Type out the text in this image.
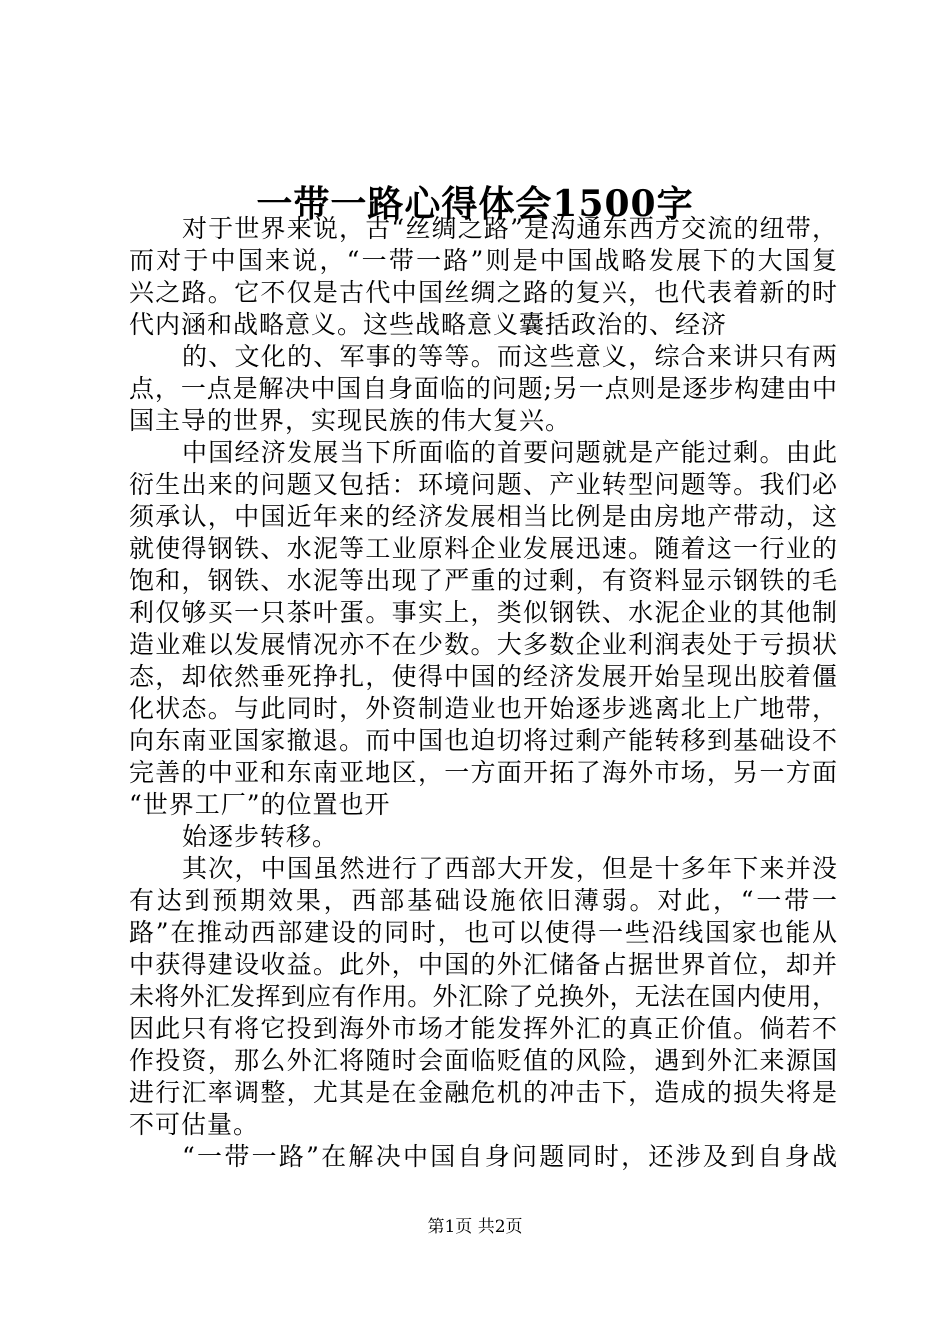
一带一路心得体会1500字
对于世界来说，古“丝绸之路”是沟通东西方交流的纽带，
而对于中国来说，“一带一路”则是中国战略发展下的大国复
兴之路。它不仅是古代中国丝绸之路的复兴，也代表着新的时
代内涵和战略意义。这些战略意义囊括政治的、经济
的、文化的、军事的等等。而这些意义，综合来讲只有两
点，一点是解决中国自身面临的问题;另一点则是逐步构建由中
国主导的世界，实现民族的伟大复兴。
中国经济发展当下所面临的首要问题就是产能过剩。由此
衍生出来的问题又包括：环境问题、产业转型问题等。我们必
须承认，中国近年来的经济发展相当比例是由房地产带动，这
就使得钢铁、水泥等工业原料企业发展迅速。随着这一行业的
饱和，钢铁、水泥等出现了严重的过剩，有资料显示钢铁的毛
利仅够买一只茶叶蛋。事实上，类似钢铁、水泥企业的其他制
造业难以发展情况亦不在少数。大多数企业利润表处于亏损状
态，却依然垂死挣扎，使得中国的经济发展开始呈现出胶着僵
化状态。与此同时，外资制造业也开始逐步逃离北上广地带，
向东南亚国家撤退。而中国也迫切将过剩产能转移到基础设不
完善的中亚和东南亚地区，一方面开拓了海外市场，另一方面
“世界工厂”的位置也开
始逐步转移。
其次，中国虽然进行了西部大开发，但是十多年下来并没
有达到预期效果，西部基础设施依旧薄弱。对此，“一带一
路”在推动西部建设的同时，也可以使得一些沿线国家也能从
中获得建设收益。此外，中国的外汇储备占据世界首位，却并
未将外汇发挥到应有作用。外汇除了兑换外，无法在国内使用，
因此只有将它投到海外市场才能发挥外汇的真正价值。倘若不
作投资，那么外汇将随时会面临贬值的风险，遇到外汇来源国
进行汇率调整，尤其是在金融危机的冲击下，造成的损失将是
不可估量。
“一带一路”在解决中国自身问题同时，还涉及到自身战
第1页 共2页
